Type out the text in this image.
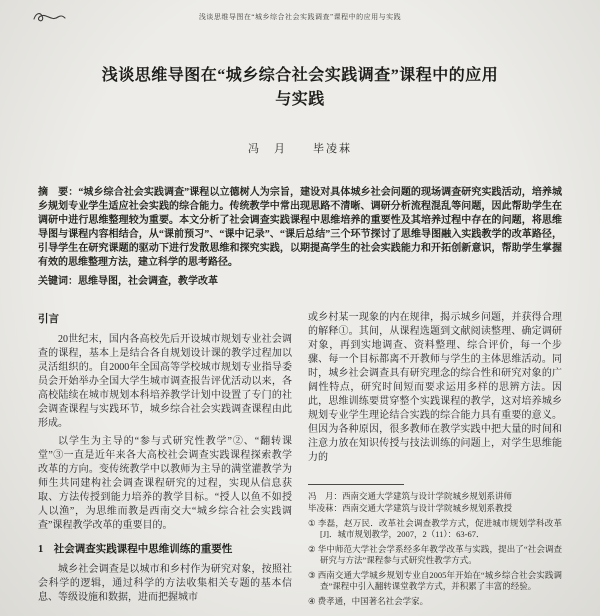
浅谈思维导图在“城乡综合社会实践调查”课程中的应用与实践
浅谈思维导图在“城乡综合社会实践调查”课程中的应用
与实践
冯　月　　毕凌菻

摘　要：“城乡综合社会实践调查”课程以立德树人为宗旨，建设对具体城乡社会问题的现场调查研究实践活动，培养城乡规划专业学生适应社会实践的综合能力。传统教学中常出现思路不清晰、调研分析流程混乱等问题，因此帮助学生在调研中进行思维整理较为重要。本文分析了社会调查实践课程中思维培养的重要性及其培养过程中存在的问题，将思维导图与课程内容相结合，从“课前预习”、“课中记录”、“课后总结”三个环节探讨了思维导图融入实践教学的改革路径，引导学生在研究课题的驱动下进行发散思维和探究实践，以期提高学生的社会实践能力和开拓创新意识，帮助学生掌握有效的思维整理方法，建立科学的思考路径。

关键词：思维导图，社会调查，教学改革

引言

20世纪末，国内各高校先后开设城市规划专业社会调查的课程，基本上是结合各自规划设计课的教学过程加以灵活组织的。自2000年全国高等学校城市规划专业指导委员会开始举办全国大学生城市调查报告评优活动以来，各高校陆续在城市规划本科培养教学计划中设置了专门的社会调查课程与实践环节，城乡综合社会实践调查课程由此形成。

以学生为主导的“参与式研究性教学”②、“翻转课堂”③一直是近年来各大高校社会调查实践课程探索教学改革的方向。变传统教学中以教师为主导的满堂灌教学为师生共同建构社会调查课程研究的过程，实现从信息获取、方法传授到能力培养的教学目标。“授人以鱼不如授人以渔”，为思维而教是西南交大“城乡综合社会实践调查”课程教学改革的重要目的。

1　社会调查实践课程中思维训练的重要性

城乡社会调查是以城市和乡村作为研究对象，按照社会科学的逻辑，通过科学的方法收集相关专题的基本信息、等级设施和数据，进而把握城市

或乡村某一现象的内在规律，揭示城乡问题，并获得合理的解释①。其间，从课程选题到文献阅读整理、确定调研对象，再到实地调查、资料整理、综合评价，每一个步骤、每一个目标都离不开教师与学生的主体思维活动。同时，城乡社会调查具有研究理念的综合性和研究对象的广阔性特点，研究时间短而要求运用多样的思辨方法。因此，思维训练要贯穿整个实践课程的教学，这对培养城乡规划专业学生理论结合实践的综合能力具有重要的意义。但因为各种原因，很多教师在教学实践中把大量的时间和注意力放在知识传授与技法训练的问题上，对学生思维能力的

冯　月：西南交通大学建筑与设计学院城乡规划系讲师

毕凌菻：西南交通大学建筑与设计学院城乡规划系教授

① 李磊，赵万民．改革社会调查教学方式，促进城市规划学科改革[J]．城市规划教学，2007，2（11）：63-67．

② 华中师范大学社会学系经多年教学改革与实践，提出了“社会调查研究与方法”课程参与式研究性教学方式。

③ 西南交通大学城乡规划专业自2005年开始在“城乡综合社会实践调查”课程中引入翻转课堂教学方式，并积累了丰富的经验。

④ 费孝通，中国著名社会学家。
